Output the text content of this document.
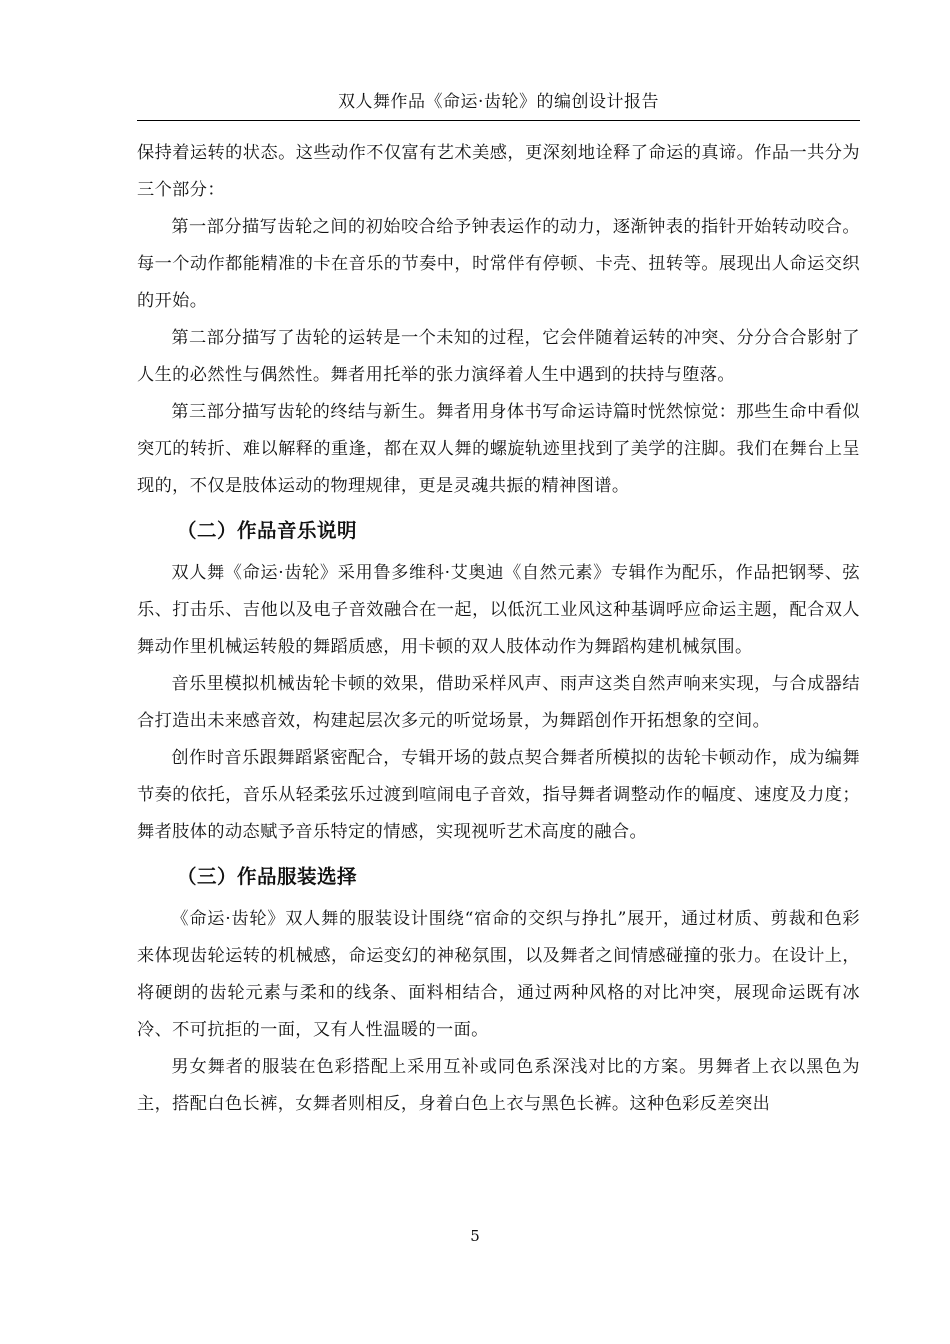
双人舞作品《命运·齿轮》的编创设计报告

保持着运转的状态。这些动作不仅富有艺术美感，更深刻地诠释了命运的真谛。作品一共分为三个部分：

第一部分描写齿轮之间的初始咬合给予钟表运作的动力，逐渐钟表的指针开始转动咬合。每一个动作都能精准的卡在音乐的节奏中，时常伴有停顿、卡壳、扭转等。展现出人命运交织的开始。

第二部分描写了齿轮的运转是一个未知的过程，它会伴随着运转的冲突、分分合合影射了人生的必然性与偶然性。舞者用托举的张力演绎着人生中遇到的扶持与堕落。

第三部分描写齿轮的终结与新生。舞者用身体书写命运诗篇时恍然惊觉：那些生命中看似突兀的转折、难以解释的重逢，都在双人舞的螺旋轨迹里找到了美学的注脚。我们在舞台上呈现的，不仅是肢体运动的物理规律，更是灵魂共振的精神图谱。

（二）作品音乐说明

双人舞《命运·齿轮》采用鲁多维科·艾奥迪《自然元素》专辑作为配乐，作品把钢琴、弦乐、打击乐、吉他以及电子音效融合在一起，以低沉工业风这种基调呼应命运主题，配合双人舞动作里机械运转般的舞蹈质感，用卡顿的双人肢体动作为舞蹈构建机械氛围。

音乐里模拟机械齿轮卡顿的效果，借助采样风声、雨声这类自然声响来实现，与合成器结合打造出未来感音效，构建起层次多元的听觉场景，为舞蹈创作开拓想象的空间。

创作时音乐跟舞蹈紧密配合，专辑开场的鼓点契合舞者所模拟的齿轮卡顿动作，成为编舞节奏的依托，音乐从轻柔弦乐过渡到喧闹电子音效，指导舞者调整动作的幅度、速度及力度；舞者肢体的动态赋予音乐特定的情感，实现视听艺术高度的融合。

（三）作品服装选择

《命运·齿轮》双人舞的服装设计围绕“宿命的交织与挣扎”展开，通过材质、剪裁和色彩来体现齿轮运转的机械感，命运变幻的神秘氛围，以及舞者之间情感碰撞的张力。在设计上，将硬朗的齿轮元素与柔和的线条、面料相结合，通过两种风格的对比冲突，展现命运既有冰冷、不可抗拒的一面，又有人性温暖的一面。

男女舞者的服装在色彩搭配上采用互补或同色系深浅对比的方案。男舞者上衣以黑色为主，搭配白色长裤，女舞者则相反，身着白色上衣与黑色长裤。这种色彩反差突出

5
